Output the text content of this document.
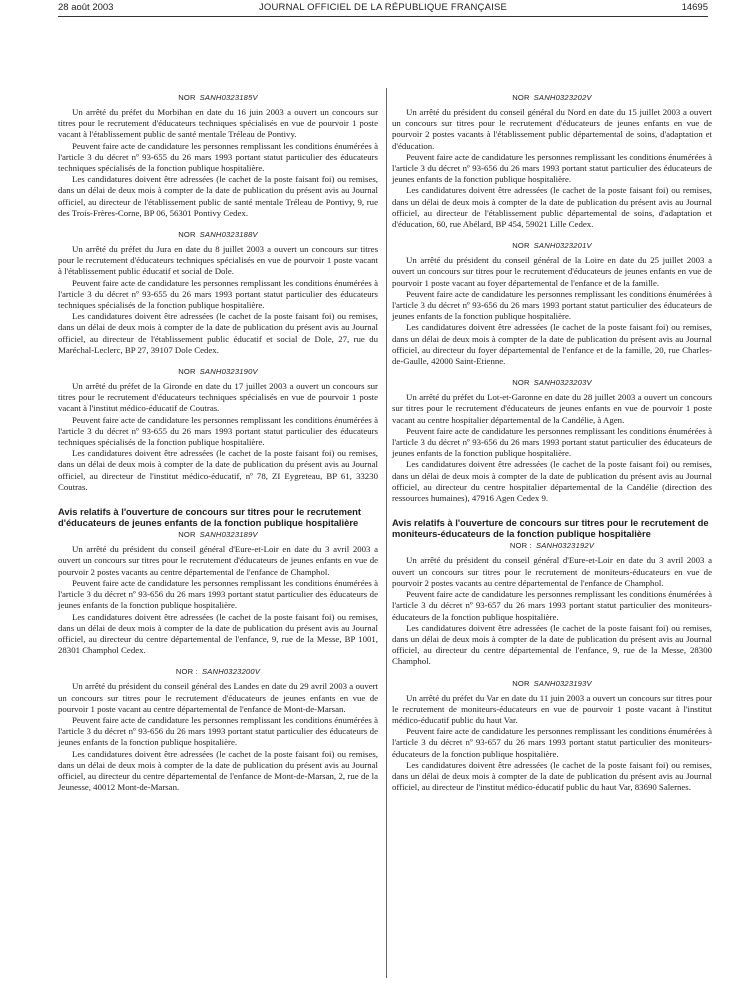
28 août 2003	JOURNAL OFFICIEL DE LA RÉPUBLIQUE FRANÇAISE	14695
NOR SANH0323185V

Un arrêté du préfet du Morbihan en date du 16 juin 2003 a ouvert un concours sur titres pour le recrutement d'éducateurs techniques spécialisés en vue de pourvoir 1 poste vacant à l'établissement public de santé mentale Tréleau de Pontivy.

Peuvent faire acte de candidature les personnes remplissant les conditions énumérées à l'article 3 du décret nº 93-655 du 26 mars 1993 portant statut particulier des éducateurs techniques spécialisés de la fonction publique hospitalière.

Les candidatures doivent être adressées (le cachet de la poste faisant foi) ou remises, dans un délai de deux mois à compter de la date de publication du présent avis au Journal officiel, au directeur de l'établissement public de santé mentale Tréleau de Pontivy, 9, rue des Trois-Frères-Corne, BP 06, 56301 Pontivy Cedex.

NOR SANH0323188V

Un arrêté du préfet du Jura en date du 8 juillet 2003 a ouvert un concours sur titres pour le recrutement d'éducateurs techniques spécialisés en vue de pourvoir 1 poste vacant à l'établissement public éducatif et social de Dole.

Peuvent faire acte de candidature les personnes remplissant les conditions énumérées à l'article 3 du décret nº 93-655 du 26 mars 1993 portant statut particulier des éducateurs techniques spécialisés de la fonction publique hospitalière.

Les candidatures doivent être adressées (le cachet de la poste faisant foi) ou remises, dans un délai de deux mois à compter de la date de publication du présent avis au Journal officiel, au directeur de l'établissement public éducatif et social de Dole, 27, rue du Maréchal-Leclerc, BP 27, 39107 Dole Cedex.

NOR SANH0323190V

Un arrêté du préfet de la Gironde en date du 17 juillet 2003 a ouvert un concours sur titres pour le recrutement d'éducateurs techniques spécialisés en vue de pourvoir 1 poste vacant à l'institut médico-éducatif de Coutras.

Peuvent faire acte de candidature les personnes remplissant les conditions énumérées à l'article 3 du décret nº 93-655 du 26 mars 1993 portant statut particulier des éducateurs techniques spécialisés de la fonction publique hospitalière.

Les candidatures doivent être adressées (le cachet de la poste faisant foi) ou remises, dans un délai de deux mois à compter de la date de publication du présent avis au Journal officiel, au directeur de l'institut médico-éducatif, nº 78, ZI Eygreteau, BP 61, 33230 Coutras.

Avis relatifs à l'ouverture de concours sur titres pour le recrutement d'éducateurs de jeunes enfants de la fonction publique hospitalière
NOR SANH0323189V

Un arrêté du président du conseil général d'Eure-et-Loir en date du 3 avril 2003 a ouvert un concours sur titres pour le recrutement d'éducateurs de jeunes enfants en vue de pourvoir 2 postes vacants au centre départemental de l'enfance de Champhol.

Peuvent faire acte de candidature les personnes remplissant les conditions énumérées à l'article 3 du décret nº 93-656 du 26 mars 1993 portant statut particulier des éducateurs de jeunes enfants de la fonction publique hospitalière.

Les candidatures doivent être adressées (le cachet de la poste faisant foi) ou remises, dans un délai de deux mois à compter de la date de publication du présent avis au Journal officiel, au directeur du centre départemental de l'enfance, 9, rue de la Messe, BP 1001, 28301 Champhol Cedex.

NOR : SANH0323200V

Un arrêté du président du conseil général des Landes en date du 29 avril 2003 a ouvert un concours sur titres pour le recrutement d'éducateurs de jeunes enfants en vue de pourvoir 1 poste vacant au centre départemental de l'enfance de Mont-de-Marsan.

Peuvent faire acte de candidature les personnes remplissant les conditions énumérées à l'article 3 du décret nº 93-656 du 26 mars 1993 portant statut particulier des éducateurs de jeunes enfants de la fonction publique hospitalière.

Les candidatures doivent être adressées (le cachet de la poste faisant foi) ou remises, dans un délai de deux mois à compter de la date de publication du présent avis au Journal officiel, au directeur du centre départemental de l'enfance de Mont-de-Marsan, 2, rue de la Jeunesse, 40012 Mont-de-Marsan.

NOR SANH0323202V

Un arrêté du président du conseil général du Nord en date du 15 juillet 2003 a ouvert un concours sur titres pour le recrutement d'éducateurs de jeunes enfants en vue de pourvoir 2 postes vacants à l'établissement public départemental de soins, d'adaptation et d'éducation.

Peuvent faire acte de candidature les personnes remplissant les conditions énumérées à l'article 3 du décret nº 93-656 du 26 mars 1993 portant statut particulier des éducateurs de jeunes enfants de la fonction publique hospitalière.

Les candidatures doivent être adressées (le cachet de la poste faisant foi) ou remises, dans un délai de deux mois à compter de la date de publication du présent avis au Journal officiel, au directeur de l'établissement public départemental de soins, d'adaptation et d'éducation, 60, rue Abélard, BP 454, 59021 Lille Cedex.

NOR SANH0323201V

Un arrêté du président du conseil général de la Loire en date du 25 juillet 2003 a ouvert un concours sur titres pour le recrutement d'éducateurs de jeunes enfants en vue de pourvoir 1 poste vacant au foyer départemental de l'enfance et de la famille.

Peuvent faire acte de candidature les personnes remplissant les conditions énumérées à l'article 3 du décret nº 93-656 du 26 mars 1993 portant statut particulier des éducateurs de jeunes enfants de la fonction publique hospitalière.

Les candidatures doivent être adressées (le cachet de la poste faisant foi) ou remises, dans un délai de deux mois à compter de la date de publication du présent avis au Journal officiel, au directeur du foyer départemental de l'enfance et de la famille, 20, rue Charles-de-Gaulle, 42000 Saint-Etienne.

NOR SANH0323203V

Un arrêté du préfet du Lot-et-Garonne en date du 28 juillet 2003 a ouvert un concours sur titres pour le recrutement d'éducateurs de jeunes enfants en vue de pourvoir 1 poste vacant au centre hospitalier départemental de la Candélie, à Agen.

Peuvent faire acte de candidature les personnes remplissant les conditions énumérées à l'article 3 du décret nº 93-656 du 26 mars 1993 portant statut particulier des éducateurs de jeunes enfants de la fonction publique hospitalière.

Les candidatures doivent être adressées (le cachet de la poste faisant foi) ou remises, dans un délai de deux mois à compter de la date de publication du présent avis au Journal officiel, au directeur du centre hospitalier départemental de la Candélie (direction des ressources humaines), 47916 Agen Cedex 9.

Avis relatifs à l'ouverture de concours sur titres pour le recrutement de moniteurs-éducateurs de la fonction publique hospitalière
NOR : SANH0323192V

Un arrêté du président du conseil général d'Eure-et-Loir en date du 3 avril 2003 a ouvert un concours sur titres pour le recrutement de moniteurs-éducateurs en vue de pourvoir 2 postes vacants au centre départemental de l'enfance de Champhol.

Peuvent faire acte de candidature les personnes remplissant les conditions énumérées à l'article 3 du décret nº 93-657 du 26 mars 1993 portant statut particulier des moniteurs-éducateurs de la fonction publique hospitalière.

Les candidatures doivent être adressées (le cachet de la poste faisant foi) ou remises, dans un délai de deux mois à compter de la date de publication du présent avis au Journal officiel, au directeur du centre départemental de l'enfance, 9, rue de la Messe, 28300 Champhol.

NOR SANH0323193V

Un arrêté du préfet du Var en date du 11 juin 2003 a ouvert un concours sur titres pour le recrutement de moniteurs-éducateurs en vue de pourvoir 1 poste vacant à l'institut médico-éducatif public du haut Var.

Peuvent faire acte de candidature les personnes remplissant les conditions énumérées à l'article 3 du décret nº 93-657 du 26 mars 1993 portant statut particulier des moniteurs-éducateurs de la fonction publique hospitalière.

Les candidatures doivent être adressées (le cachet de la poste faisant foi) ou remises, dans un délai de deux mois à compter de la date de publication du présent avis au Journal officiel, au directeur de l'institut médico-éducatif public du haut Var, 83690 Salernes.
